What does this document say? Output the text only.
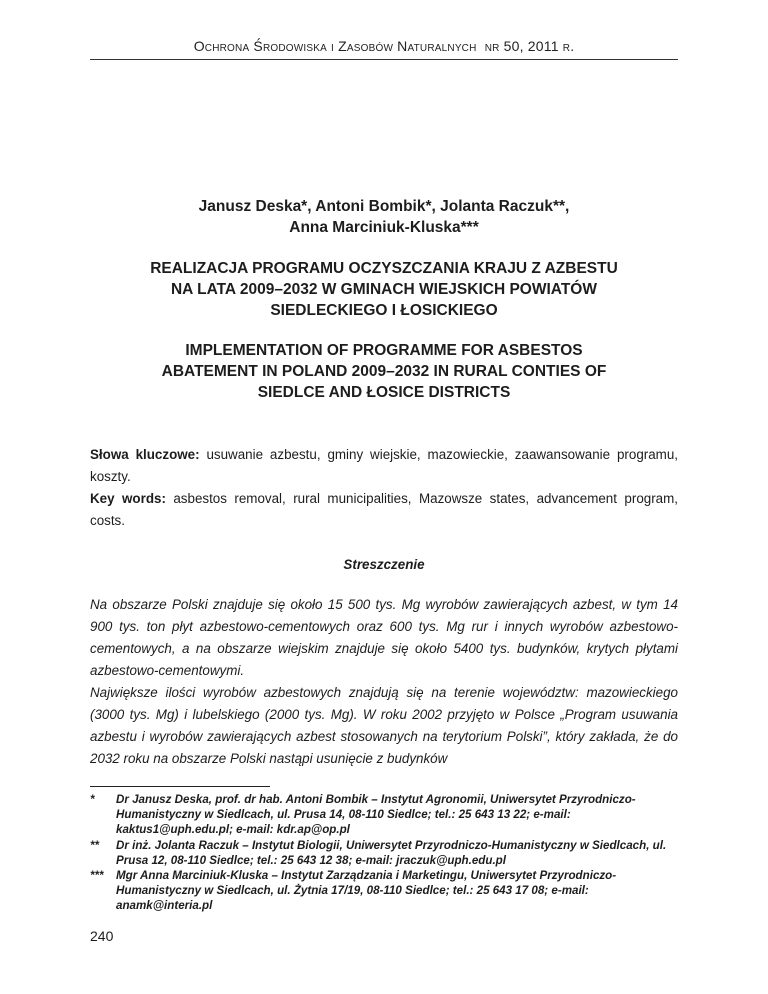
Ochrona Środowiska i Zasobów Naturalnych nr 50, 2011 r.
Janusz Deska*, Antoni Bombik*, Jolanta Raczuk**,
Anna Marciniuk-Kluska***
REALIZACJA PROGRAMU OCZYSZCZANIA KRAJU Z AZBESTU
NA LATA 2009–2032 W GMINACH WIEJSKICH POWIATÓW
SIEDLECKIEGO I ŁOSICKIEGO
IMPLEMENTATION OF PROGRAMME FOR ASBESTOS
ABATEMENT IN POLAND 2009–2032 IN RURAL CONTIES OF
SIEDLCE AND ŁOSICE DISTRICTS

Słowa kluczowe: usuwanie azbestu, gminy wiejskie, mazowieckie, zaawansowanie programu, koszty.

Key words: asbestos removal, rural municipalities, Mazowsze states, advancement program, costs.

Streszczenie

Na obszarze Polski znajduje się około 15 500 tys. Mg wyrobów zawierających azbest, w tym 14 900 tys. ton płyt azbestowo-cementowych oraz 600 tys. Mg rur i innych wyrobów azbestowo-cementowych, a na obszarze wiejskim znajduje się około 5400 tys. budynków, krytych płytami azbestowo-cementowymi.

Największe ilości wyrobów azbestowych znajdują się na terenie województw: mazowieckiego (3000 tys. Mg) i lubelskiego (2000 tys. Mg). W roku 2002 przyjęto w Polsce „Program usuwania azbestu i wyrobów zawierających azbest stosowanych na terytorium Polski”, który zakłada, że do 2032 roku na obszarze Polski nastąpi usunięcie z budynków

*	Dr Janusz Deska, prof. dr hab. Antoni Bombik – Instytut Agronomii, Uniwersytet Przyrodniczo-Humanistyczny w Siedlcach, ul. Prusa 14, 08-110 Siedlce; tel.: 25 643 13 22; e-mail: kaktus1@uph.edu.pl; e-mail: kdr.ap@op.pl
**	Dr inż. Jolanta Raczuk – Instytut Biologii, Uniwersytet Przyrodniczo-Humanistyczny w Siedlcach, ul. Prusa 12, 08-110 Siedlce; tel.: 25 643 12 38; e-mail: jraczuk@uph.edu.pl
***	Mgr Anna Marciniuk-Kluska – Instytut Zarządzania i Marketingu, Uniwersytet Przyrodniczo-Humanistyczny w Siedlcach, ul. Żytnia 17/19, 08-110 Siedlce; tel.: 25 643 17 08; e-mail: anamk@interia.pl
240
